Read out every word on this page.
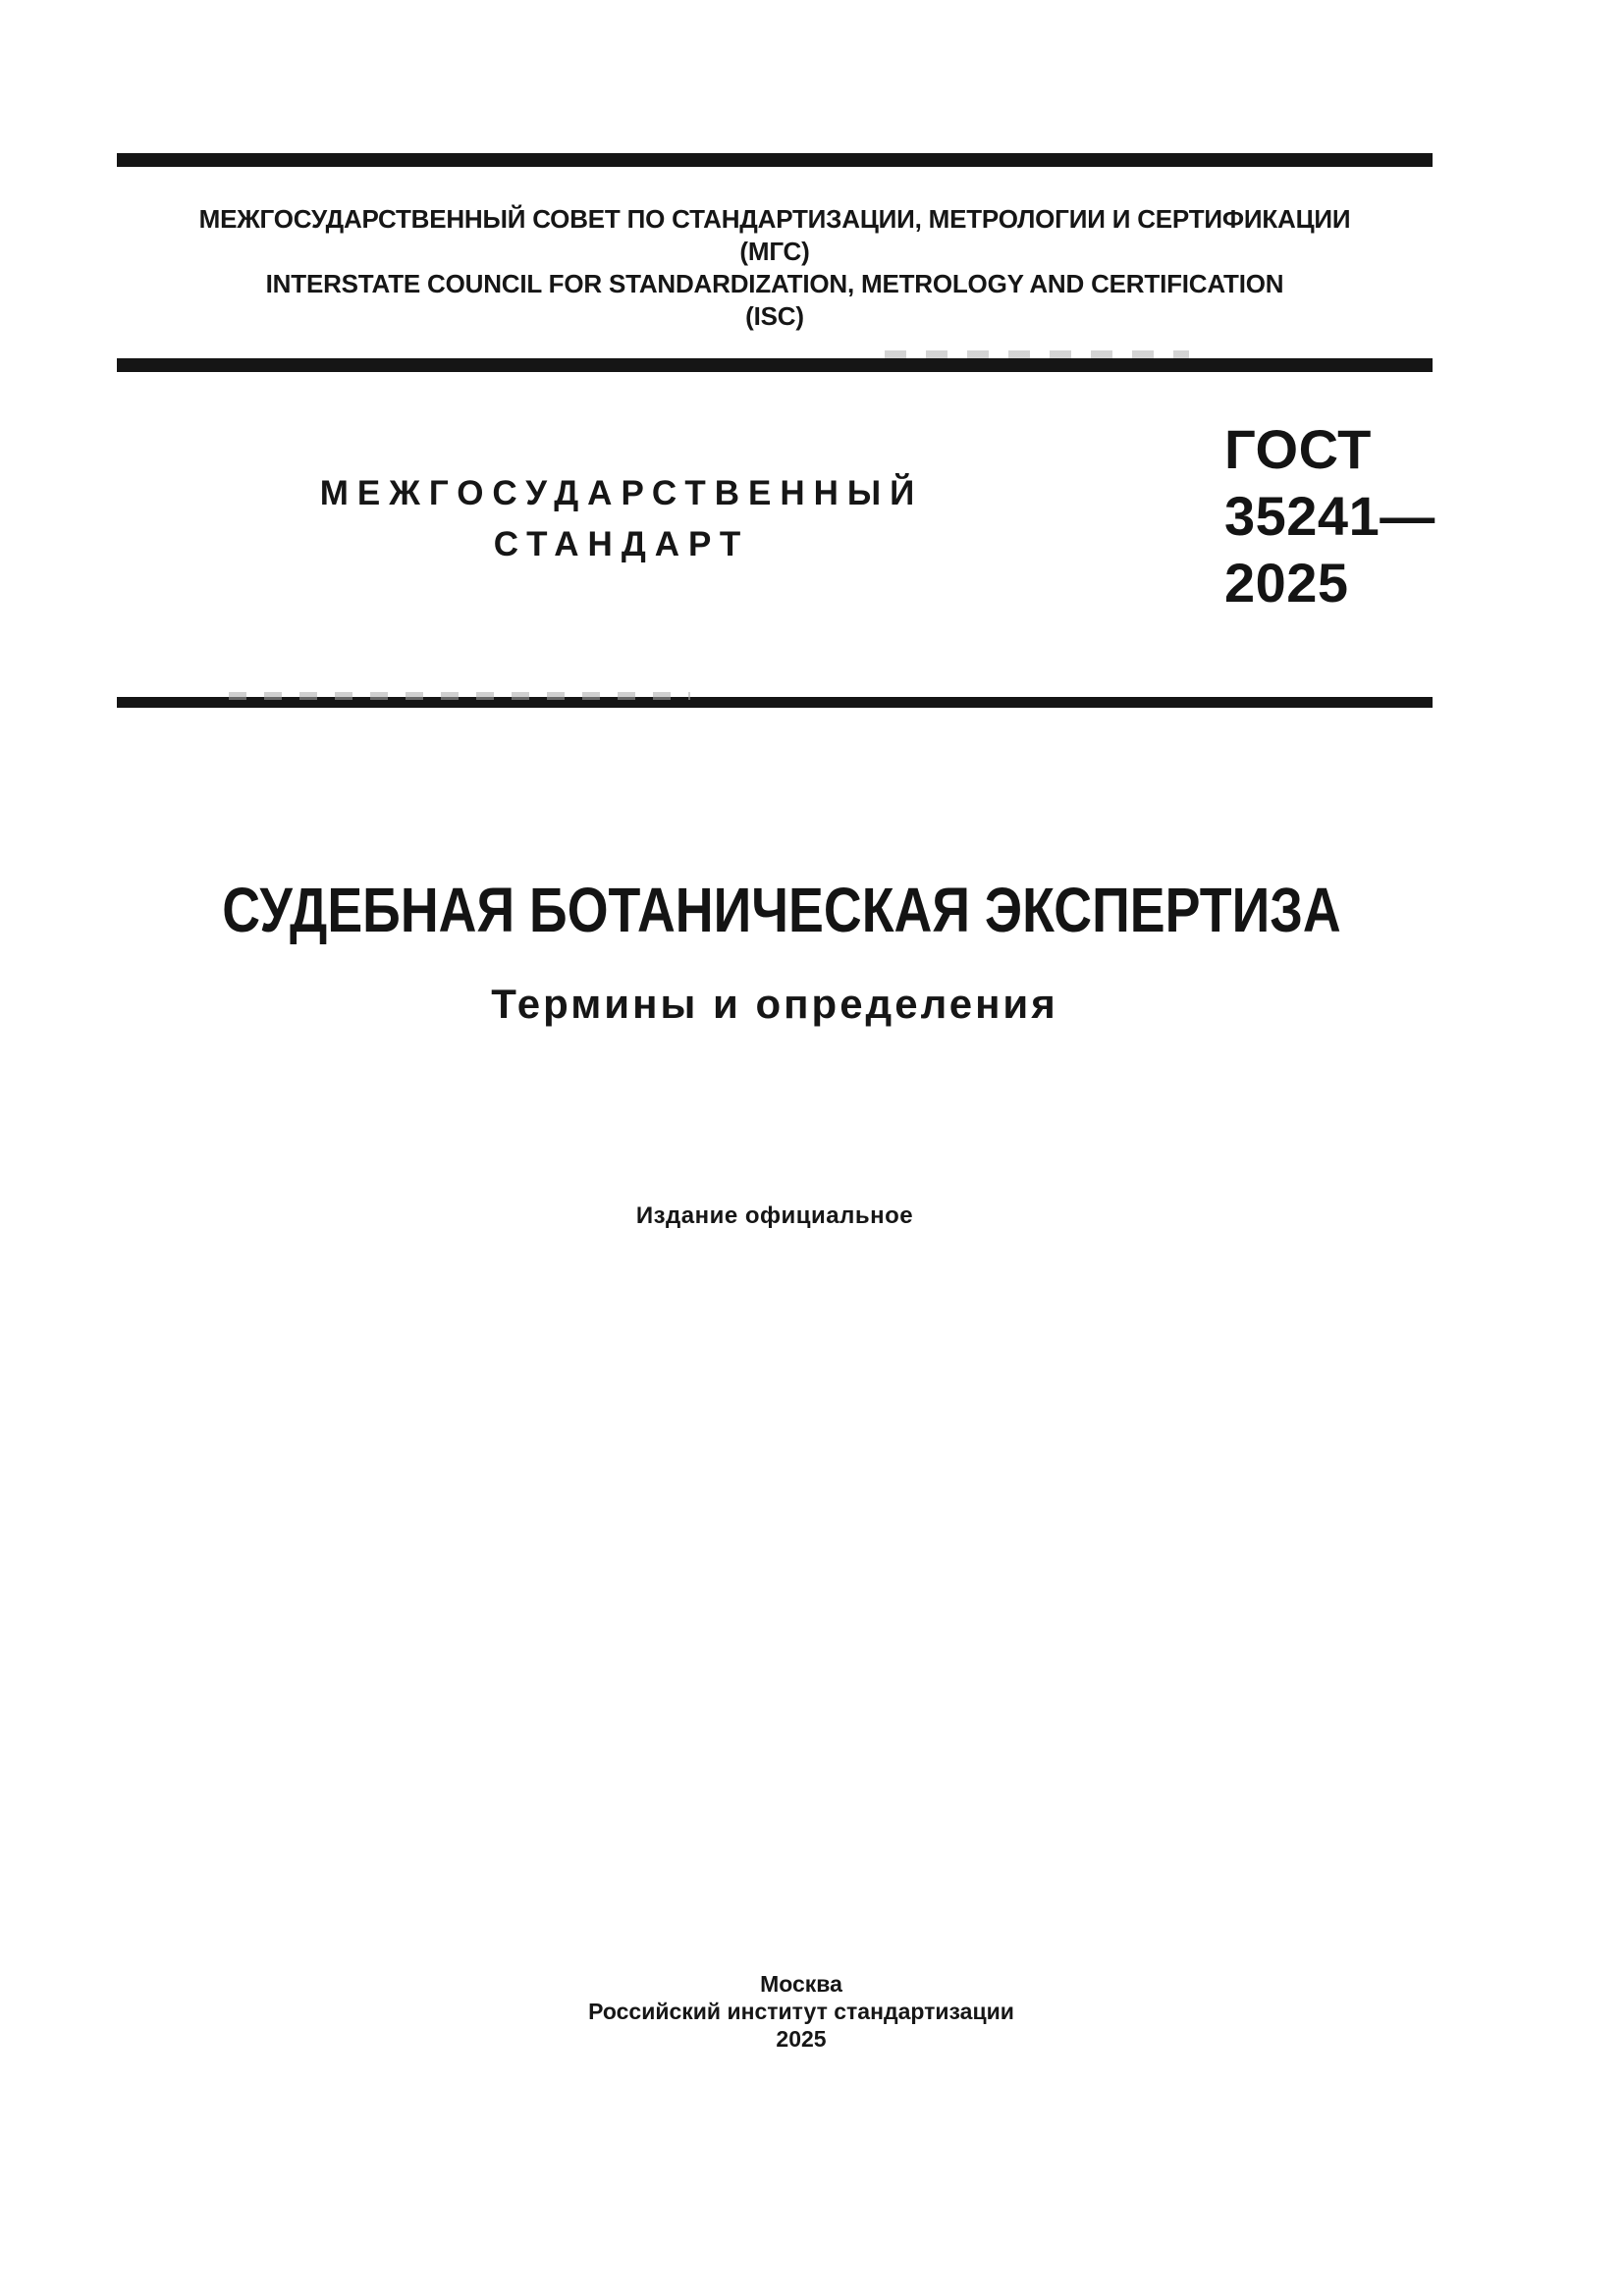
МЕЖГОСУДАРСТВЕННЫЙ СОВЕТ ПО СТАНДАРТИЗАЦИИ, МЕТРОЛОГИИ И СЕРТИФИКАЦИИ
(МГС)
INTERSTATE COUNCIL FOR STANDARDIZATION, METROLOGY AND CERTIFICATION
(ISC)
МЕЖГОСУДАРСТВЕННЫЙ
СТАНДАРТ
ГОСТ
35241—
2025
СУДЕБНАЯ БОТАНИЧЕСКАЯ ЭКСПЕРТИЗА
Термины и определения
Издание официальное
Москва
Российский институт стандартизации
2025
